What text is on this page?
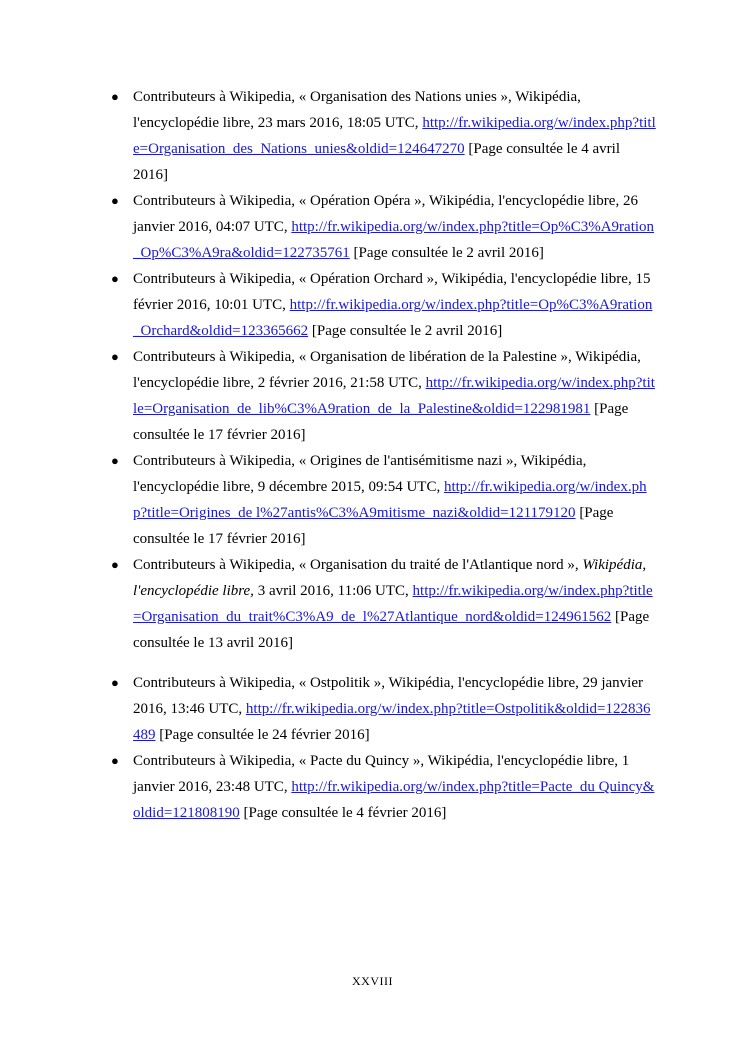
● Contributeurs à Wikipedia, « Organisation des Nations unies », Wikipédia, l'encyclopédie libre, 23 mars 2016, 18:05 UTC, http://fr.wikipedia.org/w/index.php?title=Organisation_des_Nations_unies&oldid=124647270 [Page consultée le 4 avril 2016]
● Contributeurs à Wikipedia, « Opération Opéra », Wikipédia, l'encyclopédie libre, 26 janvier 2016, 04:07 UTC, http://fr.wikipedia.org/w/index.php?title=Op%C3%A9ration_Op%C3%A9ra&oldid=122735761 [Page consultée le 2 avril 2016]
● Contributeurs à Wikipedia, « Opération Orchard », Wikipédia, l'encyclopédie libre, 15 février 2016, 10:01 UTC, http://fr.wikipedia.org/w/index.php?title=Op%C3%A9ration_Orchard&oldid=123365662 [Page consultée le 2 avril 2016]
● Contributeurs à Wikipedia, « Organisation de libération de la Palestine », Wikipédia, l'encyclopédie libre, 2 février 2016, 21:58 UTC, http://fr.wikipedia.org/w/index.php?title=Organisation_de_lib%C3%A9ration_de_la_Palestine&oldid=122981981 [Page consultée le 17 février 2016]
● Contributeurs à Wikipedia, « Origines de l'antisémitisme nazi », Wikipédia, l'encyclopédie libre, 9 décembre 2015, 09:54 UTC, http://fr.wikipedia.org/w/index.php?title=Origines_de l%27antis%C3%A9mitisme_nazi&oldid=121179120 [Page consultée le 17 février 2016]
● Contributeurs à Wikipedia, « Organisation du traité de l'Atlantique nord », Wikipédia, l'encyclopédie libre, 3 avril 2016, 11:06 UTC, http://fr.wikipedia.org/w/index.php?title=Organisation_du_trait%C3%A9_de_l%27Atlantique_nord&oldid=124961562 [Page consultée le 13 avril 2016]
● Contributeurs à Wikipedia, « Ostpolitik », Wikipédia, l'encyclopédie libre, 29 janvier 2016, 13:46 UTC, http://fr.wikipedia.org/w/index.php?title=Ostpolitik&oldid=122836489 [Page consultée le 24 février 2016]
● Contributeurs à Wikipedia, « Pacte du Quincy », Wikipédia, l'encyclopédie libre, 1 janvier 2016, 23:48 UTC, http://fr.wikipedia.org/w/index.php?title=Pacte_du Quincy&oldid=121808190 [Page consultée le 4 février 2016]
XXVIII
